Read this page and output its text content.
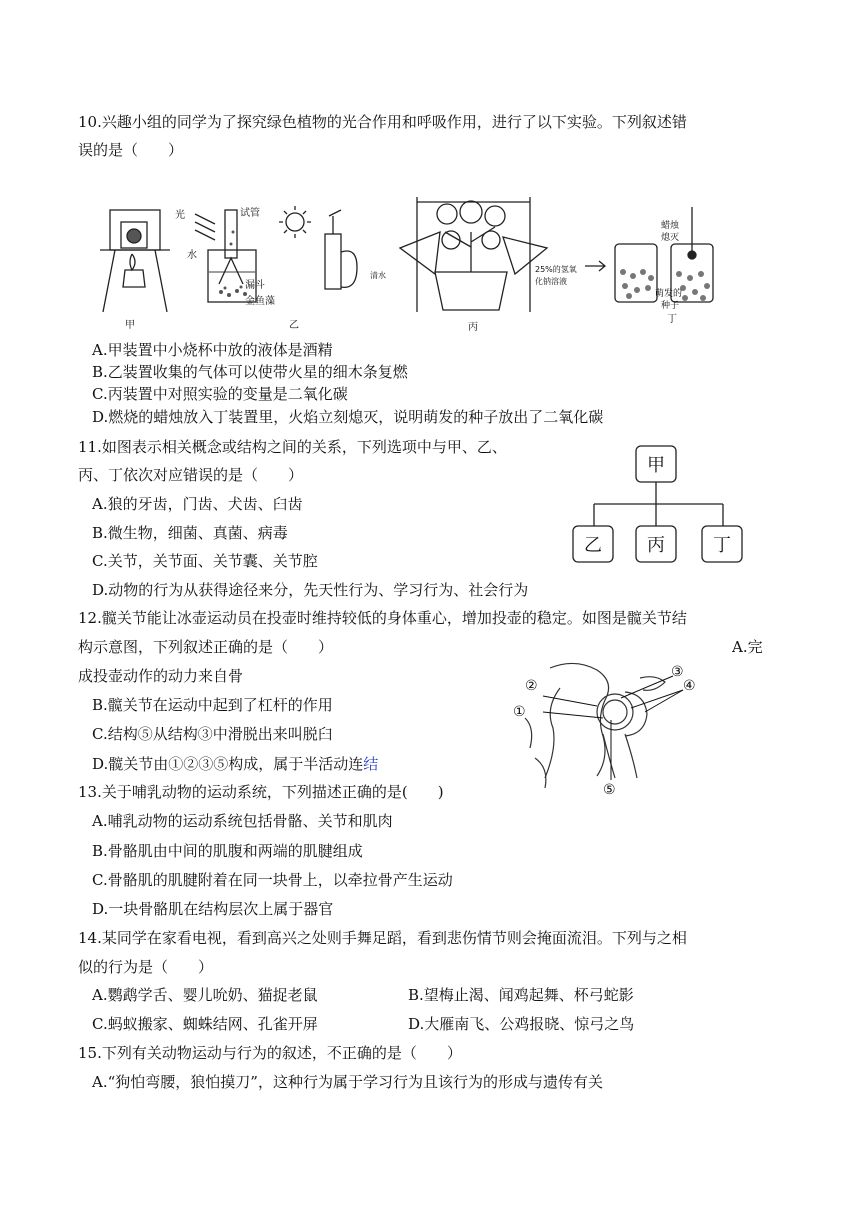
10.兴趣小组的同学为了探究绿色植物的光合作用和呼吸作用，进行了以下实验。下列叙述错
误的是（　　）
甲
光	试管
水
漏斗
金鱼藻
乙
清水
25%的氢氧
化钠溶液
丙
蜡烛
熄灭
萌发的
种子
丁
A.甲装置中小烧杯中放的液体是酒精
B.乙装置收集的气体可以使带火星的细木条复燃
C.丙装置中对照实验的变量是二氧化碳
D.燃烧的蜡烛放入丁装置里，火焰立刻熄灭，说明萌发的种子放出了二氧化碳
11.如图表示相关概念或结构之间的关系，下列选项中与甲、乙、
丙、丁依次对应错误的是（　　）	甲
乙	丙	丁
A.狼的牙齿，门齿、犬齿、臼齿
B.微生物，细菌、真菌、病毒
C.关节，关节面、关节囊、关节腔
D.动物的行为从获得途径来分，先天性行为、学习行为、社会行为
12.髋关节能让冰壶运动员在投壶时维持较低的身体重心，增加投壶的稳定。如图是髋关节结
构示意图，下列叙述正确的是（　　）	A.完
成投壶动作的动力来自骨
①
②
③
④
⑤
B.髋关节在运动中起到了杠杆的作用
C.结构⑤从结构③中滑脱出来叫脱臼
D.髋关节由①②③⑤构成，属于半活动连结
13.关于哺乳动物的运动系统，下列描述正确的是(　　)
A.哺乳动物的运动系统包括骨骼、关节和肌肉
B.骨骼肌由中间的肌腹和两端的肌腱组成
C.骨骼肌的肌腱附着在同一块骨上，以牵拉骨产生运动
D.一块骨骼肌在结构层次上属于器官
14.某同学在家看电视，看到高兴之处则手舞足蹈，看到悲伤情节则会掩面流泪。下列与之相
似的行为是（　　）
A.鹦鹉学舌、婴儿吮奶、猫捉老鼠	B.望梅止渴、闻鸡起舞、杯弓蛇影
C.蚂蚁搬家、蜘蛛结网、孔雀开屏	D.大雁南飞、公鸡报晓、惊弓之鸟
15.下列有关动物运动与行为的叙述，不正确的是（　　）
A.“狗怕弯腰，狼怕摸刀”，这种行为属于学习行为且该行为的形成与遗传有关
